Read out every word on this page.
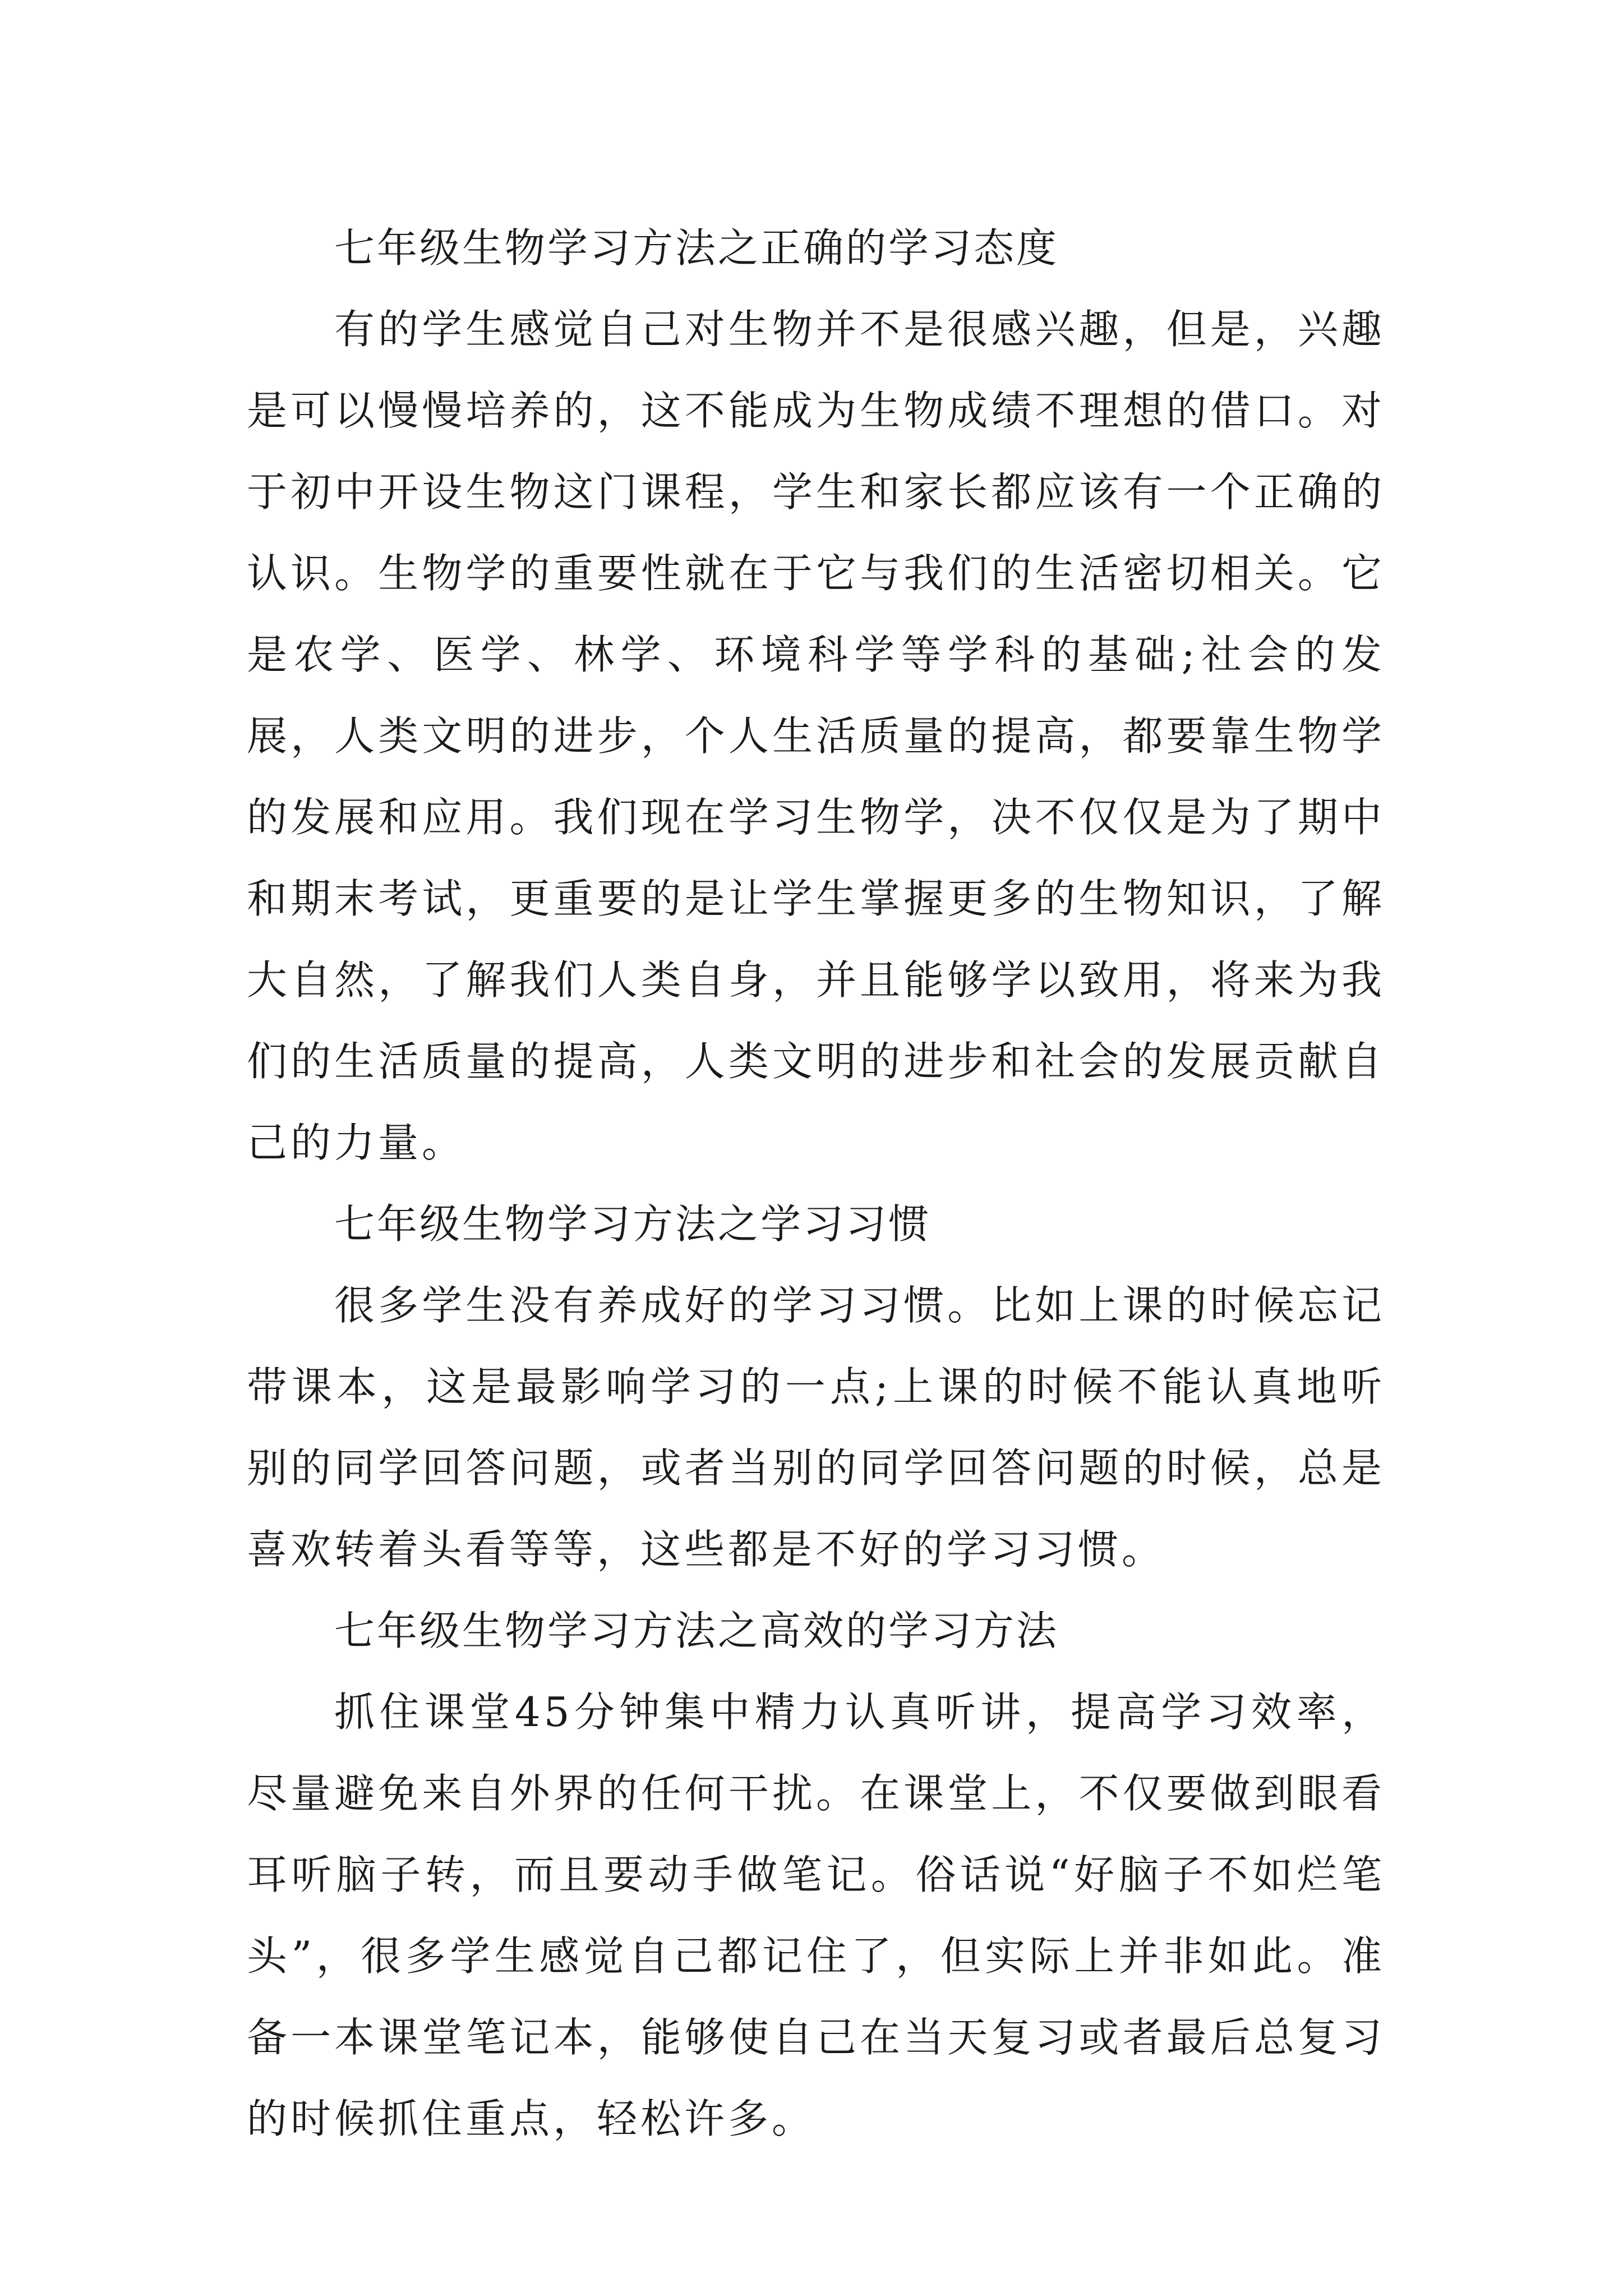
七年级生物学习方法之正确的学习态度

有的学生感觉自己对生物并不是很感兴趣，但是，兴趣是可以慢慢培养的，这不能成为生物成绩不理想的借口。对于初中开设生物这门课程，学生和家长都应该有一个正确的认识。生物学的重要性就在于它与我们的生活密切相关。它是农学、医学、林学、环境科学等学科的基础;社会的发展，人类文明的进步，个人生活质量的提高，都要靠生物学的发展和应用。我们现在学习生物学，决不仅仅是为了期中和期末考试，更重要的是让学生掌握更多的生物知识，了解大自然，了解我们人类自身，并且能够学以致用，将来为我们的生活质量的提高，人类文明的进步和社会的发展贡献自己的力量。

七年级生物学习方法之学习习惯

很多学生没有养成好的学习习惯。比如上课的时候忘记带课本，这是最影响学习的一点;上课的时候不能认真地听别的同学回答问题，或者当别的同学回答问题的时候，总是喜欢转着头看等等，这些都是不好的学习习惯。

七年级生物学习方法之高效的学习方法

抓住课堂45分钟集中精力认真听讲，提高学习效率，尽量避免来自外界的任何干扰。在课堂上，不仅要做到眼看耳听脑子转，而且要动手做笔记。俗话说“好脑子不如烂笔头”，很多学生感觉自己都记住了，但实际上并非如此。准备一本课堂笔记本，能够使自己在当天复习或者最后总复习的时候抓住重点，轻松许多。
